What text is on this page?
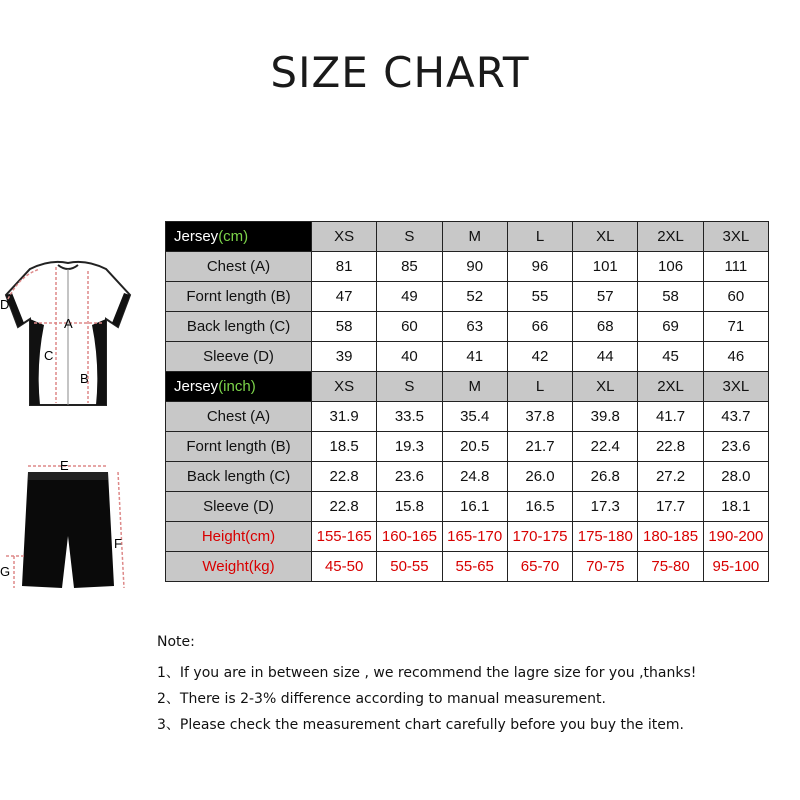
SIZE CHART
A
B
C
D
E
F
G
Jersey(cm)	XS	S	M	L	XL	2XL	3XL
Chest (A)	81	85	90	96	101	106	111
Fornt length (B)	47	49	52	55	57	58	60
Back length (C)	58	60	63	66	68	69	71
Sleeve (D)	39	40	41	42	44	45	46
Jersey(inch)	XS	S	M	L	XL	2XL	3XL
Chest (A)	31.9	33.5	35.4	37.8	39.8	41.7	43.7
Fornt length (B)	18.5	19.3	20.5	21.7	22.4	22.8	23.6
Back length (C)	22.8	23.6	24.8	26.0	26.8	27.2	28.0
Sleeve (D)	22.8	15.8	16.1	16.5	17.3	17.7	18.1
Height(cm)	155-165	160-165	165-170	170-175	175-180	180-185	190-200
Weight(kg)	45-50	50-55	55-65	65-70	70-75	75-80	95-100
Note:
1、If you are in between size , we recommend the lagre size for you ,thanks!
2、There is 2-3% difference according to manual measurement.
3、Please check the measurement chart carefully before you buy the item.
